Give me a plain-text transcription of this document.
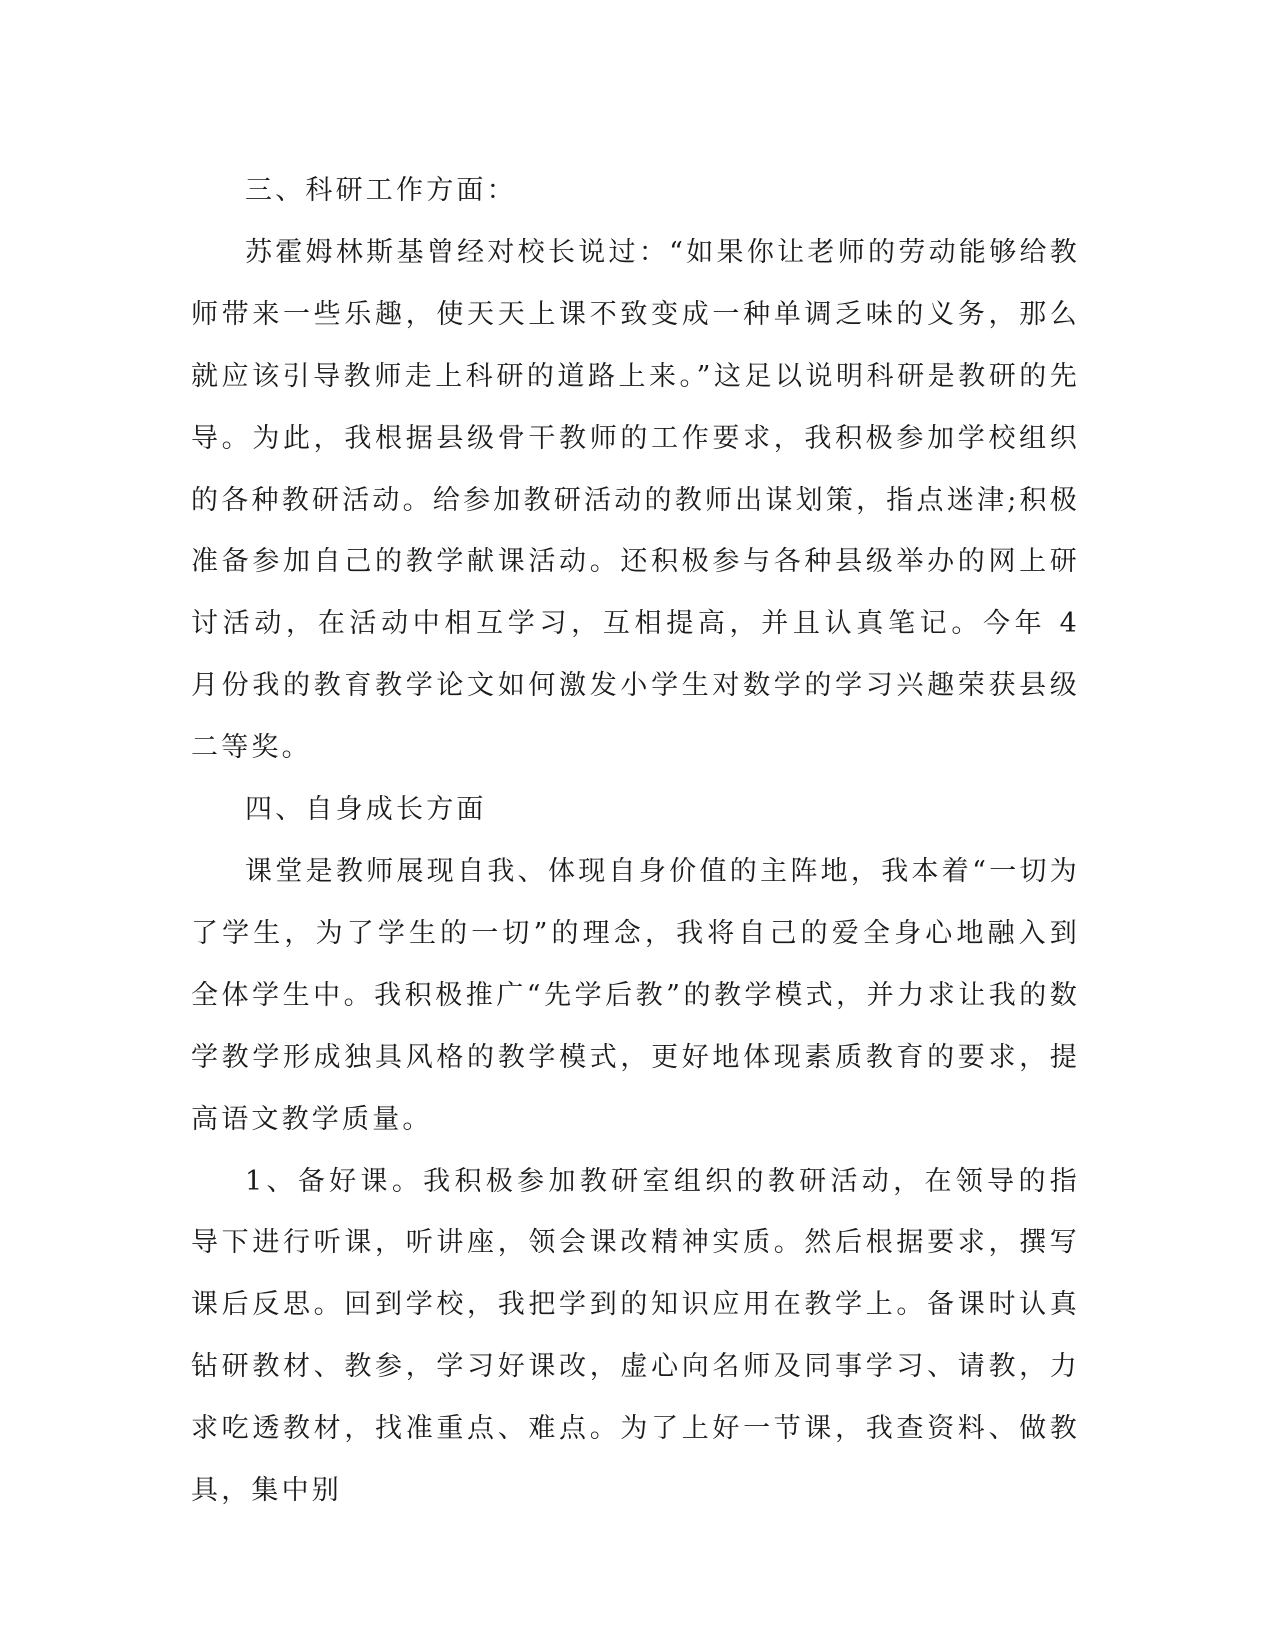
三、科研工作方面：

苏霍姆林斯基曾经对校长说过：“如果你让老师的劳动能够给教师带来一些乐趣，使天天上课不致变成一种单调乏味的义务，那么就应该引导教师走上科研的道路上来。”这足以说明科研是教研的先导。为此，我根据县级骨干教师的工作要求，我积极参加学校组织的各种教研活动。给参加教研活动的教师出谋划策，指点迷津;积极准备参加自己的教学献课活动。还积极参与各种县级举办的网上研讨活动，在活动中相互学习，互相提高，并且认真笔记。今年 4 月份我的教育教学论文如何激发小学生对数学的学习兴趣荣获县级二等奖。

四、自身成长方面

课堂是教师展现自我、体现自身价值的主阵地，我本着“一切为了学生，为了学生的一切”的理念，我将自己的爱全身心地融入到全体学生中。我积极推广“先学后教”的教学模式，并力求让我的数学教学形成独具风格的教学模式，更好地体现素质教育的要求，提高语文教学质量。

1、备好课。我积极参加教研室组织的教研活动，在领导的指导下进行听课，听讲座，领会课改精神实质。然后根据要求，撰写课后反思。回到学校，我把学到的知识应用在教学上。备课时认真钻研教材、教参，学习好课改，虚心向名师及同事学习、请教，力求吃透教材，找准重点、难点。为了上好一节课，我查资料、做教具，集中别
